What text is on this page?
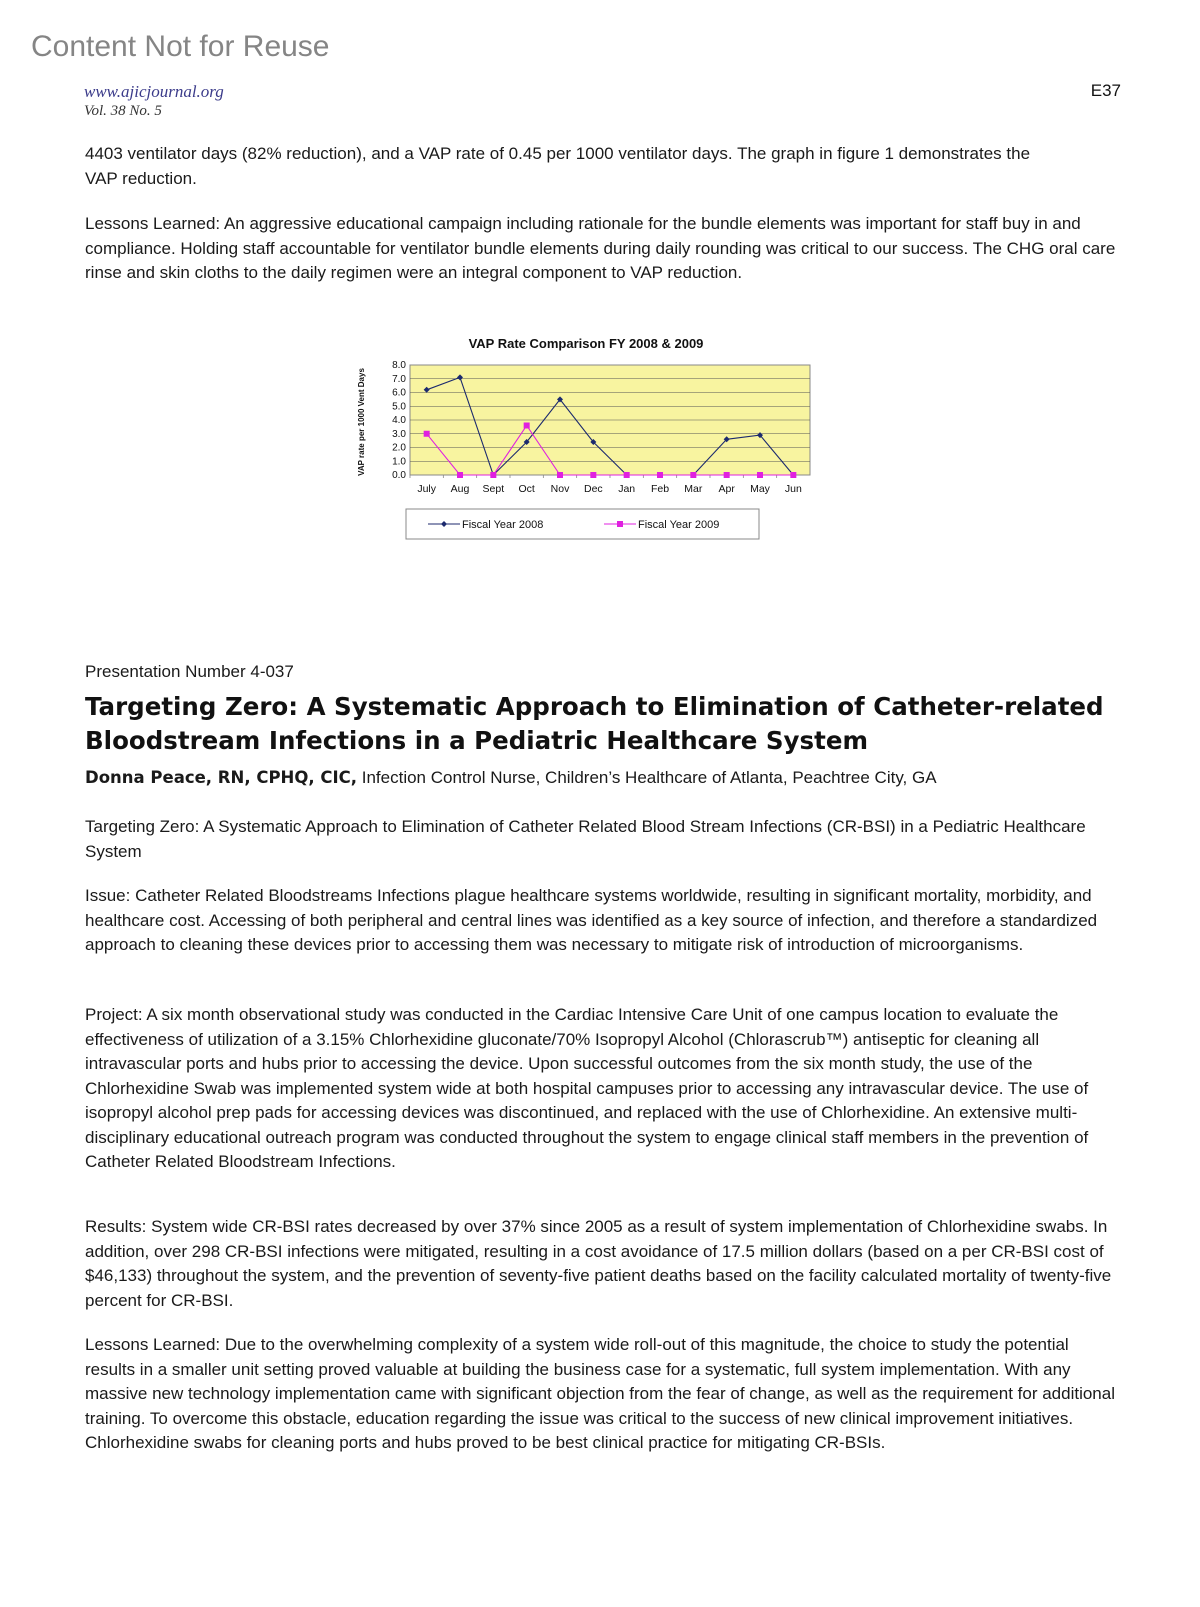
Content Not for Reuse
www.ajicjournal.org
Vol. 38 No. 5
E37

4403 ventilator days (82% reduction), and a VAP rate of 0.45 per 1000 ventilator days. The graph in figure 1 demonstrates the VAP reduction.

Lessons Learned: An aggressive educational campaign including rationale for the bundle elements was important for staff buy in and compliance. Holding staff accountable for ventilator bundle elements during daily rounding was critical to our success. The CHG oral care rinse and skin cloths to the daily regimen were an integral component to VAP reduction.

VAP Rate Comparison FY 2008 & 2009
VAP rate per 1000 Vent Days	0.0
1.0
2.0
3.0
4.0
5.0
6.0
7.0
8.0
July Aug Sept Oct Nov Dec Jan Feb Mar Apr May Jun
Fiscal Year 2008	Fiscal Year 2009

Presentation Number 4-037

Targeting Zero: A Systematic Approach to Elimination of Catheter-related Bloodstream Infections in a Pediatric Healthcare System

Donna Peace, RN, CPHQ, CIC, Infection Control Nurse, Children’s Healthcare of Atlanta, Peachtree City, GA

Targeting Zero: A Systematic Approach to Elimination of Catheter Related Blood Stream Infections (CR-BSI) in a Pediatric Healthcare System

Issue: Catheter Related Bloodstreams Infections plague healthcare systems worldwide, resulting in significant mortality, morbidity, and healthcare cost. Accessing of both peripheral and central lines was identified as a key source of infection, and therefore a standardized approach to cleaning these devices prior to accessing them was necessary to mitigate risk of introduction of microorganisms.

Project: A six month observational study was conducted in the Cardiac Intensive Care Unit of one campus location to evaluate the effectiveness of utilization of a 3.15% Chlorhexidine gluconate/70% Isopropyl Alcohol (Chlorascrub™) antiseptic for cleaning all intravascular ports and hubs prior to accessing the device. Upon successful outcomes from the six month study, the use of the Chlorhexidine Swab was implemented system wide at both hospital campuses prior to accessing any intravascular device. The use of isopropyl alcohol prep pads for accessing devices was discontinued, and replaced with the use of Chlorhexidine. An extensive multi-disciplinary educational outreach program was conducted throughout the system to engage clinical staff members in the prevention of Catheter Related Bloodstream Infections.

Results: System wide CR-BSI rates decreased by over 37% since 2005 as a result of system implementation of Chlorhexidine swabs. In addition, over 298 CR-BSI infections were mitigated, resulting in a cost avoidance of 17.5 million dollars (based on a per CR-BSI cost of $46,133) throughout the system, and the prevention of seventy-five patient deaths based on the facility calculated mortality of twenty-five percent for CR-BSI.

Lessons Learned: Due to the overwhelming complexity of a system wide roll-out of this magnitude, the choice to study the potential results in a smaller unit setting proved valuable at building the business case for a systematic, full system implementation. With any massive new technology implementation came with significant objection from the fear of change, as well as the requirement for additional training. To overcome this obstacle, education regarding the issue was critical to the success of new clinical improvement initiatives. Chlorhexidine swabs for cleaning ports and hubs proved to be best clinical practice for mitigating CR-BSIs.
